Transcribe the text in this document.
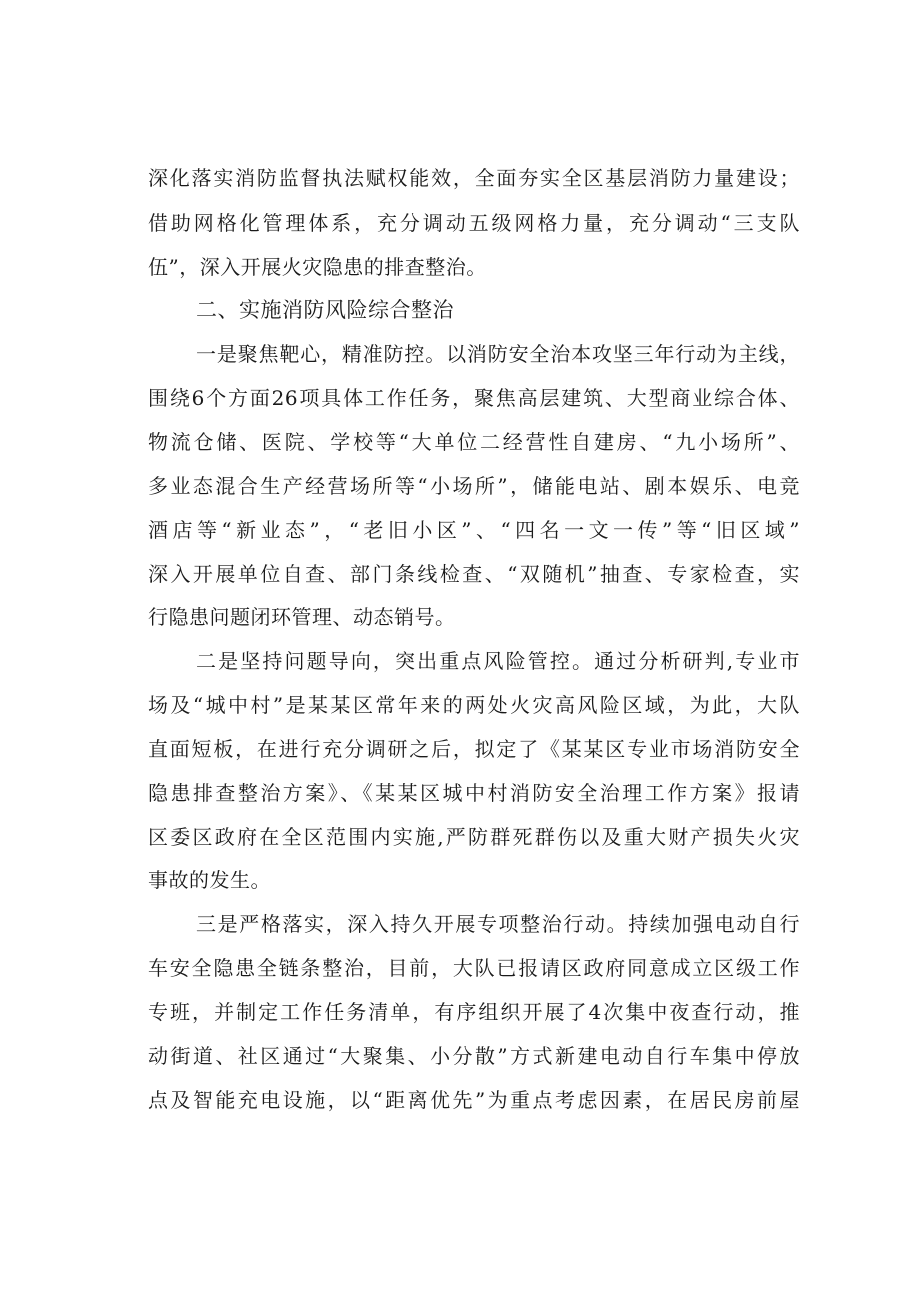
深化落实消防监督执法赋权能效，全面夯实全区基层消防力量建设；
借助网格化管理体系，充分调动五级网格力量，充分调动“三支队
伍”，深入开展火灾隐患的排查整治。
二、实施消防风险综合整治
一是聚焦靶心，精准防控。以消防安全治本攻坚三年行动为主线，
围绕6个方面26项具体工作任务，聚焦高层建筑、大型商业综合体、
物流仓储、医院、学校等“大单位二经营性自建房、“九小场所”、
多业态混合生产经营场所等“小场所”，储能电站、剧本娱乐、电竞
酒店等“新业态”，“老旧小区”、“四名一文一传”等“旧区域”
深入开展单位自查、部门条线检查、“双随机”抽查、专家检查，实
行隐患问题闭环管理、动态销号。
二是坚持问题导向，突出重点风险管控。通过分析研判,专业市
场及“城中村”是某某区常年来的两处火灾高风险区域，为此，大队
直面短板，在进行充分调研之后，拟定了《某某区专业市场消防安全
隐患排查整治方案》、《某某区城中村消防安全治理工作方案》报请
区委区政府在全区范围内实施,严防群死群伤以及重大财产损失火灾
事故的发生。
三是严格落实，深入持久开展专项整治行动。持续加强电动自行
车安全隐患全链条整治，目前，大队已报请区政府同意成立区级工作
专班，并制定工作任务清单，有序组织开展了4次集中夜查行动，推
动街道、社区通过“大聚集、小分散”方式新建电动自行车集中停放
点及智能充电设施，以“距离优先”为重点考虑因素，在居民房前屋
